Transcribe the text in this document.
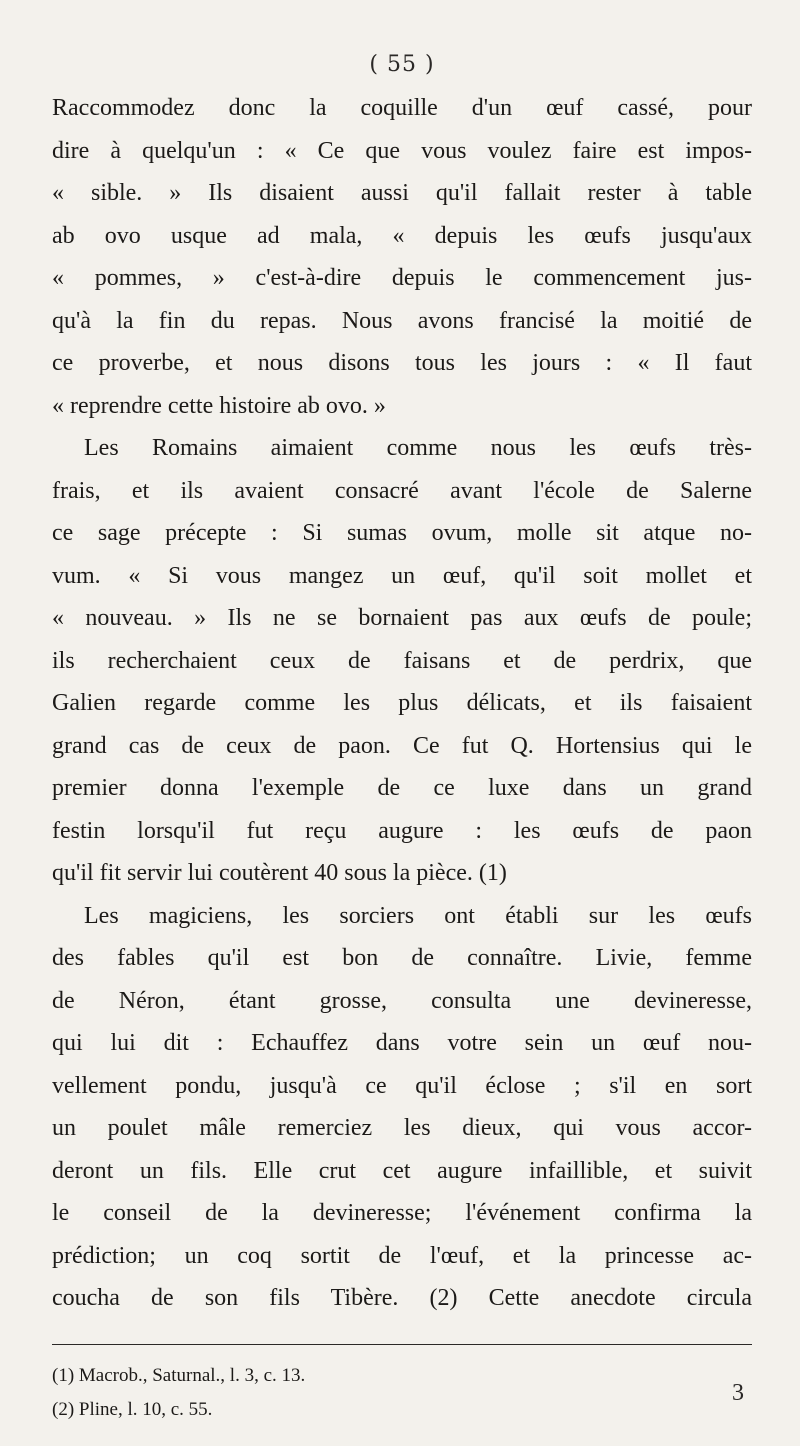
( 55 )

Raccommodez donc la coquille d'un œuf cassé, pour
dire à quelqu'un : « Ce que vous voulez faire est impos-
« sible. » Ils disaient aussi qu'il fallait rester à table
ab ovo usque ad mala, « depuis les œufs jusqu'aux
« pommes, » c'est-à-dire depuis le commencement jus-
qu'à la fin du repas. Nous avons francisé la moitié de
ce proverbe, et nous disons tous les jours : « Il faut
« reprendre cette histoire ab ovo. »

Les Romains aimaient comme nous les œufs très-
frais, et ils avaient consacré avant l'école de Salerne
ce sage précepte : Si sumas ovum, molle sit atque no-
vum. « Si vous mangez un œuf, qu'il soit mollet et
« nouveau. » Ils ne se bornaient pas aux œufs de poule;
ils recherchaient ceux de faisans et de perdrix, que
Galien regarde comme les plus délicats, et ils faisaient
grand cas de ceux de paon. Ce fut Q. Hortensius qui le
premier donna l'exemple de ce luxe dans un grand
festin lorsqu'il fut reçu augure : les œufs de paon
qu'il fit servir lui coutèrent 40 sous la pièce. (1)

Les magiciens, les sorciers ont établi sur les œufs
des fables qu'il est bon de connaître. Livie, femme
de Néron, étant grosse, consulta une devineresse,
qui lui dit : Echauffez dans votre sein un œuf nou-
vellement pondu, jusqu'à ce qu'il éclose ; s'il en sort
un poulet mâle remerciez les dieux, qui vous accor-
deront un fils. Elle crut cet augure infaillible, et suivit
le conseil de la devineresse; l'événement confirma la
prédiction; un coq sortit de l'œuf, et la princesse ac-
coucha de son fils Tibère. (2) Cette anecdote circula

(1) Macrob., Saturnal., l. 3, c. 13.
(2) Pline, l. 10, c. 55.
3
